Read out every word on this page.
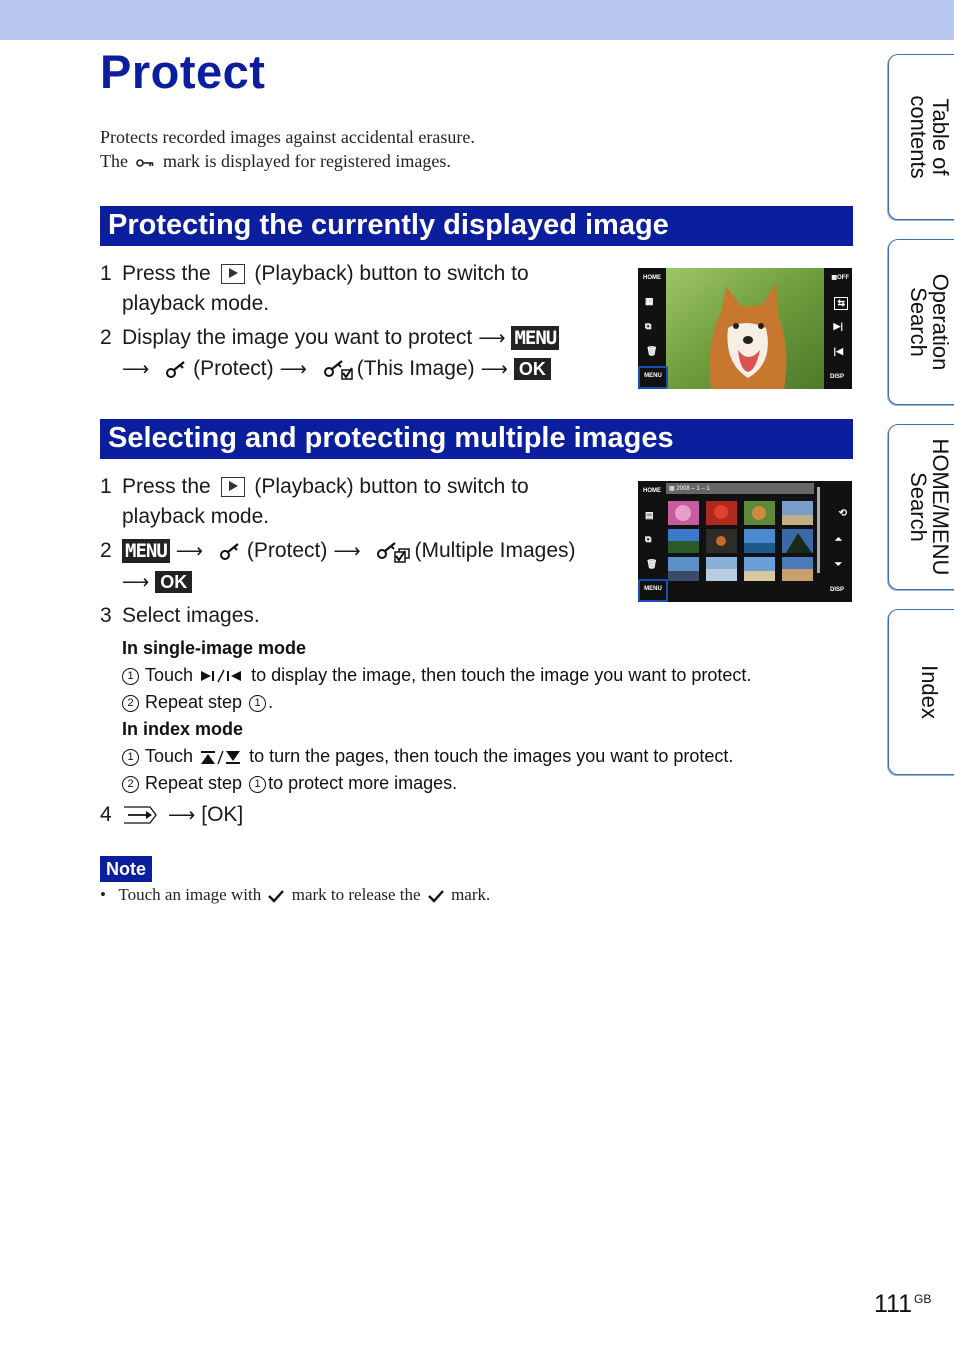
Protect
Protects recorded images against accidental erasure.
The mark is displayed for registered images.
Protecting the currently displayed image
1 Press the (Playback) button to switch to
playback mode.
2 Display the image you want to protect ⟶ MENU
⟶ (Protect) ⟶ (This Image) ⟶ OK
HOME
▦
⧉
🗑
MENU
▦OFF
⇆
▶|
|◀
DISP
Selecting and protecting multiple images
1 Press the (Playback) button to switch to
playback mode.
2 MENU ⟶ (Protect) ⟶	(Multiple Images)
⟶ OK
3 Select images.
In single-image mode
1 Touch	to display the image, then touch the image you want to protect.
2 Repeat step 1 .
In index mode
1 Touch	to turn the pages, then touch the images you want to protect.
2 Repeat step 1 to protect more images.
4	⟶ [OK]
HOME ▦ 2008 – 1 – 1
▤
⧉
🗑
MENU
⟲
⏶
⏷
DISP
Note
• Touch an image with mark to release the mark.
Table of
contents
Operation
Search
HOME/MENU
Search
Index
111 $^{GB}$
